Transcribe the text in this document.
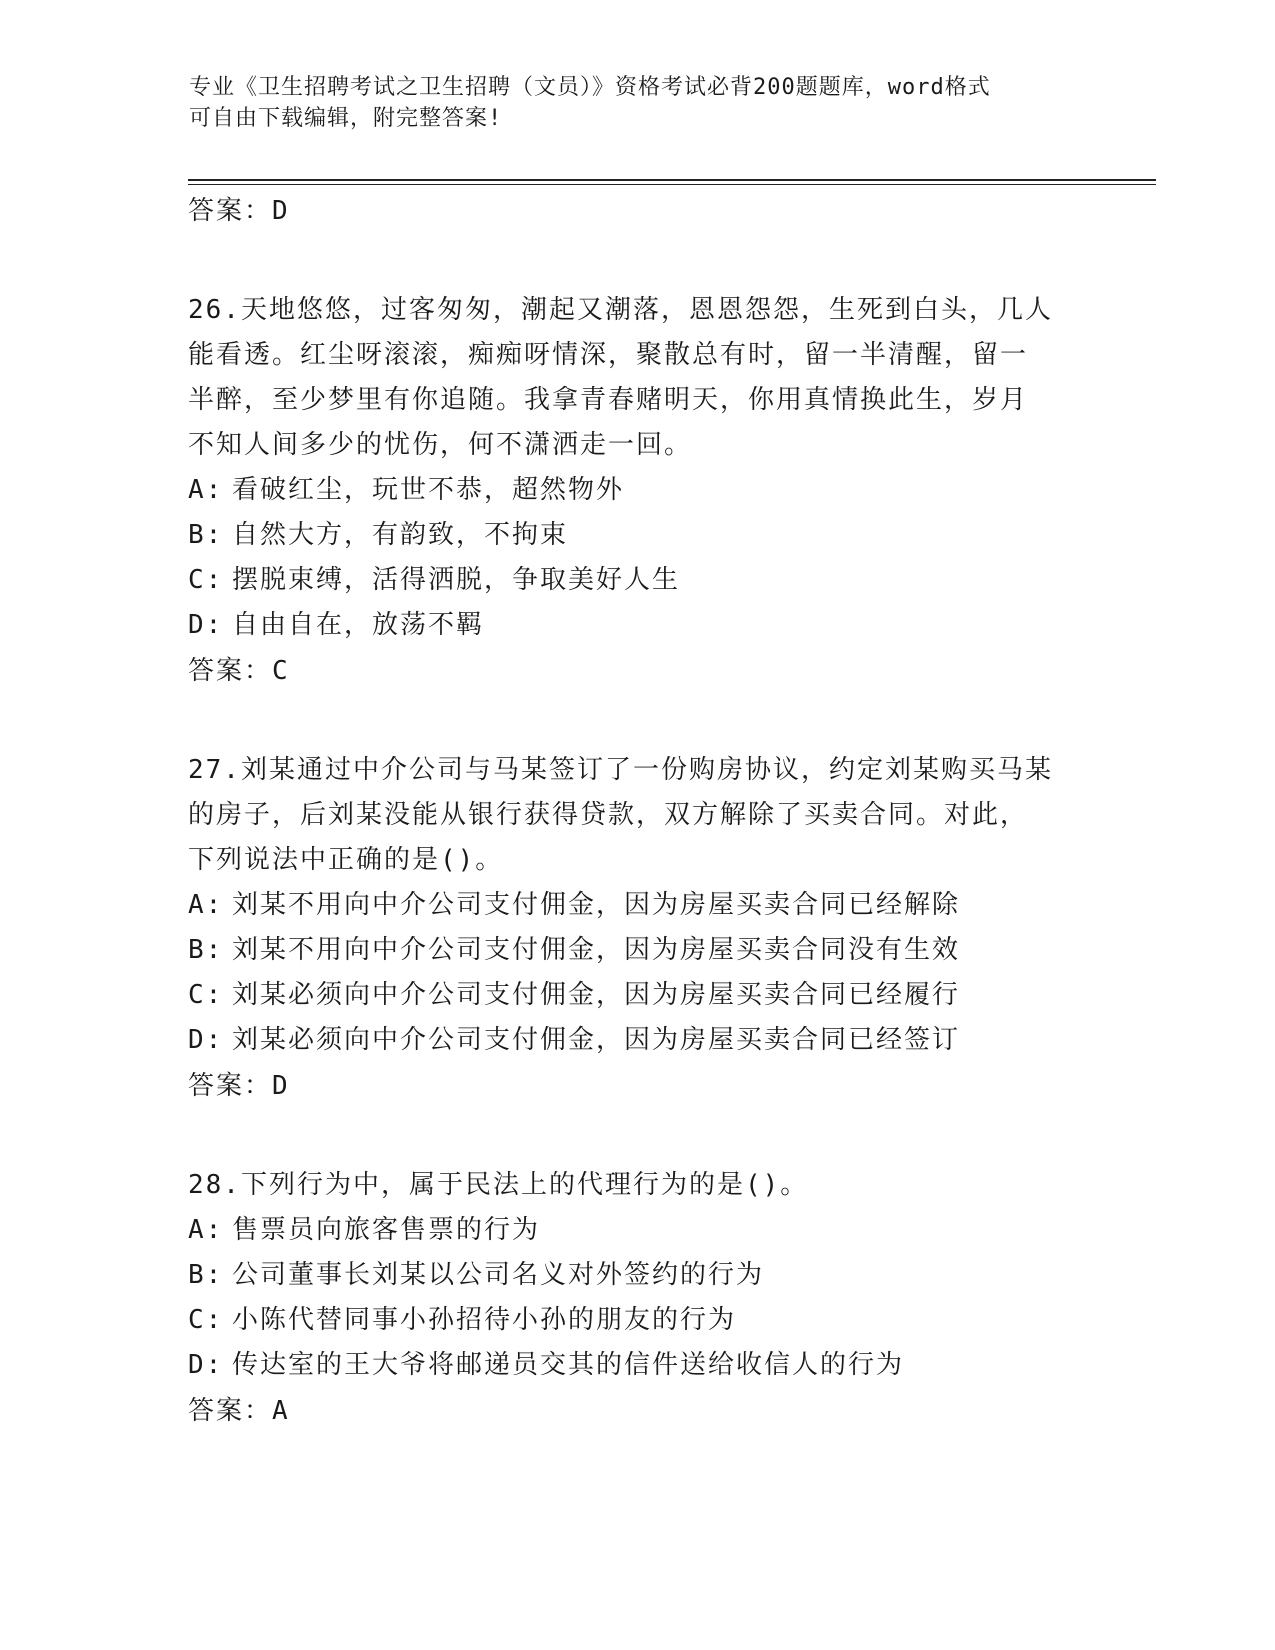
专业《卫生招聘考试之卫生招聘（文员）》资格考试必背200题题库，word格式
可自由下载编辑，附完整答案!
答案：D
26.天地悠悠，过客匆匆，潮起又潮落，恩恩怨怨，生死到白头，几人
能看透。红尘呀滚滚，痴痴呀情深，聚散总有时，留一半清醒，留一
半醉，至少梦里有你追随。我拿青春赌明天，你用真情换此生，岁月
不知人间多少的忧伤，何不潇洒走一回。
A: 看破红尘，玩世不恭，超然物外
B: 自然大方，有韵致，不拘束
C: 摆脱束缚，活得洒脱，争取美好人生
D: 自由自在，放荡不羁
答案：C
27.刘某通过中介公司与马某签订了一份购房协议，约定刘某购买马某
的房子，后刘某没能从银行获得贷款，双方解除了买卖合同。对此，
下列说法中正确的是()。
A: 刘某不用向中介公司支付佣金，因为房屋买卖合同已经解除
B: 刘某不用向中介公司支付佣金，因为房屋买卖合同没有生效
C: 刘某必须向中介公司支付佣金，因为房屋买卖合同已经履行
D: 刘某必须向中介公司支付佣金，因为房屋买卖合同已经签订
答案：D
28.下列行为中，属于民法上的代理行为的是()。
A: 售票员向旅客售票的行为
B: 公司董事长刘某以公司名义对外签约的行为
C: 小陈代替同事小孙招待小孙的朋友的行为
D: 传达室的王大爷将邮递员交其的信件送给收信人的行为
答案：A
